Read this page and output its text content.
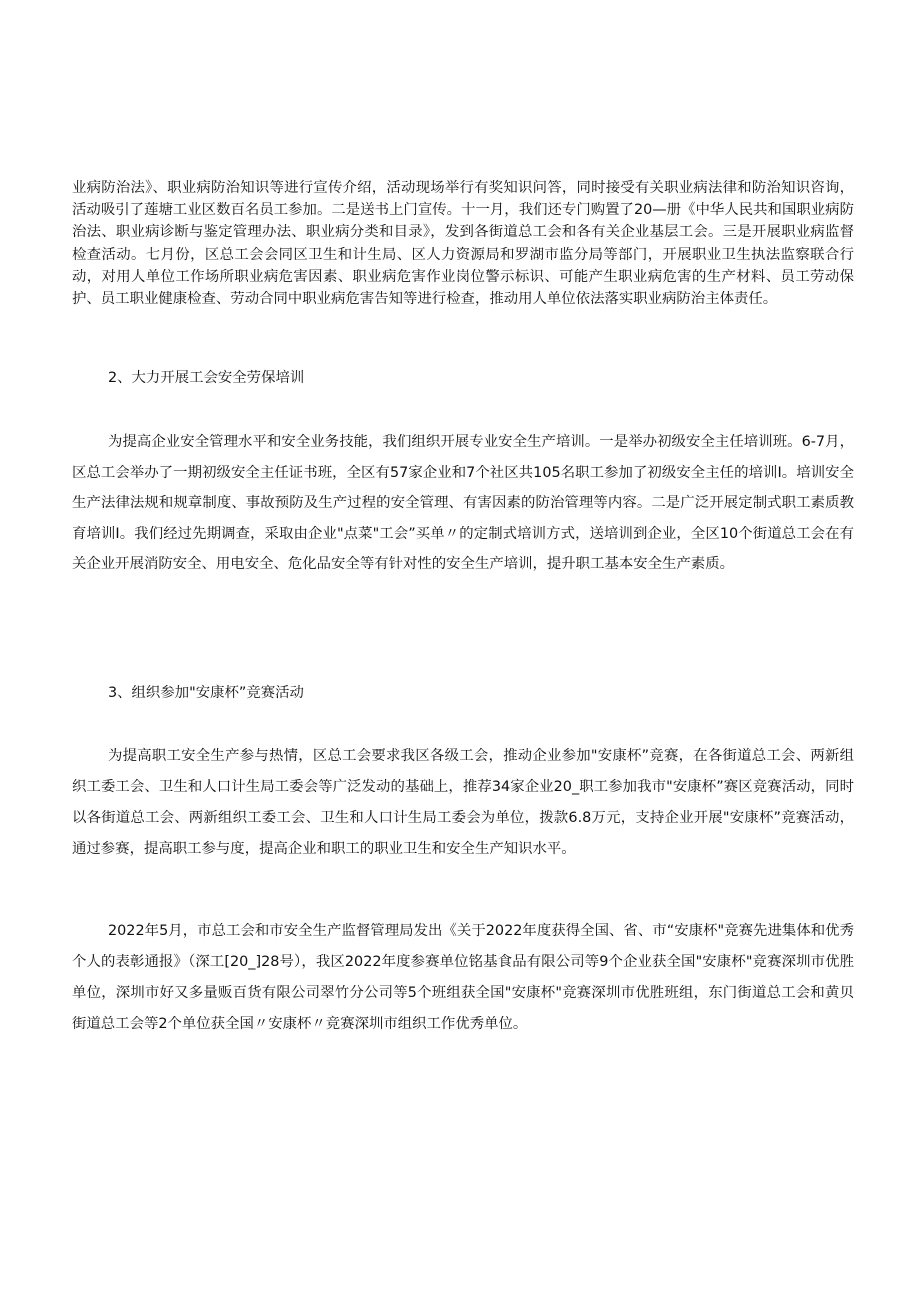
业病防治法》、职业病防治知识等进行宣传介绍，活动现场举行有奖知识问答，同时接受有关职业病法律和防治知识咨询，活动吸引了莲塘工业区数百名员工参加。二是送书上门宣传。十一月，我们还专门购置了20—册《中华人民共和国职业病防治法、职业病诊断与鉴定管理办法、职业病分类和目录》，发到各街道总工会和各有关企业基层工会。三是开展职业病监督检查活动。七月份，区总工会会同区卫生和计生局、区人力资源局和罗湖市监分局等部门，开展职业卫生执法监察联合行动，对用人单位工作场所职业病危害因素、职业病危害作业岗位警示标识、可能产生职业病危害的生产材料、员工劳动保护、员工职业健康检查、劳动合同中职业病危害告知等进行检查，推动用人单位依法落实职业病防治主体责任。

2、大力开展工会安全劳保培训

为提高企业安全管理水平和安全业务技能，我们组织开展专业安全生产培训。一是举办初级安全主任培训班。6-7月，区总工会举办了一期初级安全主任证书班，全区有57家企业和7个社区共105名职工参加了初级安全主任的培训I。培训安全生产法律法规和规章制度、事故预防及生产过程的安全管理、有害因素的防治管理等内容。二是广泛开展定制式职工素质教育培训I。我们经过先期调查，采取由企业"点菜"工会”买单〃的定制式培训方式，送培训到企业，全区10个街道总工会在有关企业开展消防安全、用电安全、危化品安全等有针对性的安全生产培训，提升职工基本安全生产素质。

3、组织参加"安康杯”竞赛活动

为提高职工安全生产参与热情，区总工会要求我区各级工会，推动企业参加"安康杯”竞赛，在各街道总工会、两新组织工委工会、卫生和人口计生局工委会等广泛发动的基础上，推荐34家企业20_职工参加我市"安康杯”赛区竞赛活动，同时以各街道总工会、两新组织工委工会、卫生和人口计生局工委会为单位，拨款6.8万元，支持企业开展"安康杯”竞赛活动，通过参赛，提高职工参与度，提高企业和职工的职业卫生和安全生产知识水平。

2022年5月，市总工会和市安全生产监督管理局发出《关于2022年度获得全国、省、市“安康杯"竞赛先进集体和优秀个人的表彰通报》（深工[20_]28号），我区2022年度参赛单位铭基食品有限公司等9个企业获全国"安康杯"竞赛深圳市优胜单位，深圳市好又多量贩百货有限公司翠竹分公司等5个班组获全国"安康杯"竞赛深圳市优胜班组，东门街道总工会和黄贝街道总工会等2个单位获全国〃安康杯〃竞赛深圳市组织工作优秀单位。
